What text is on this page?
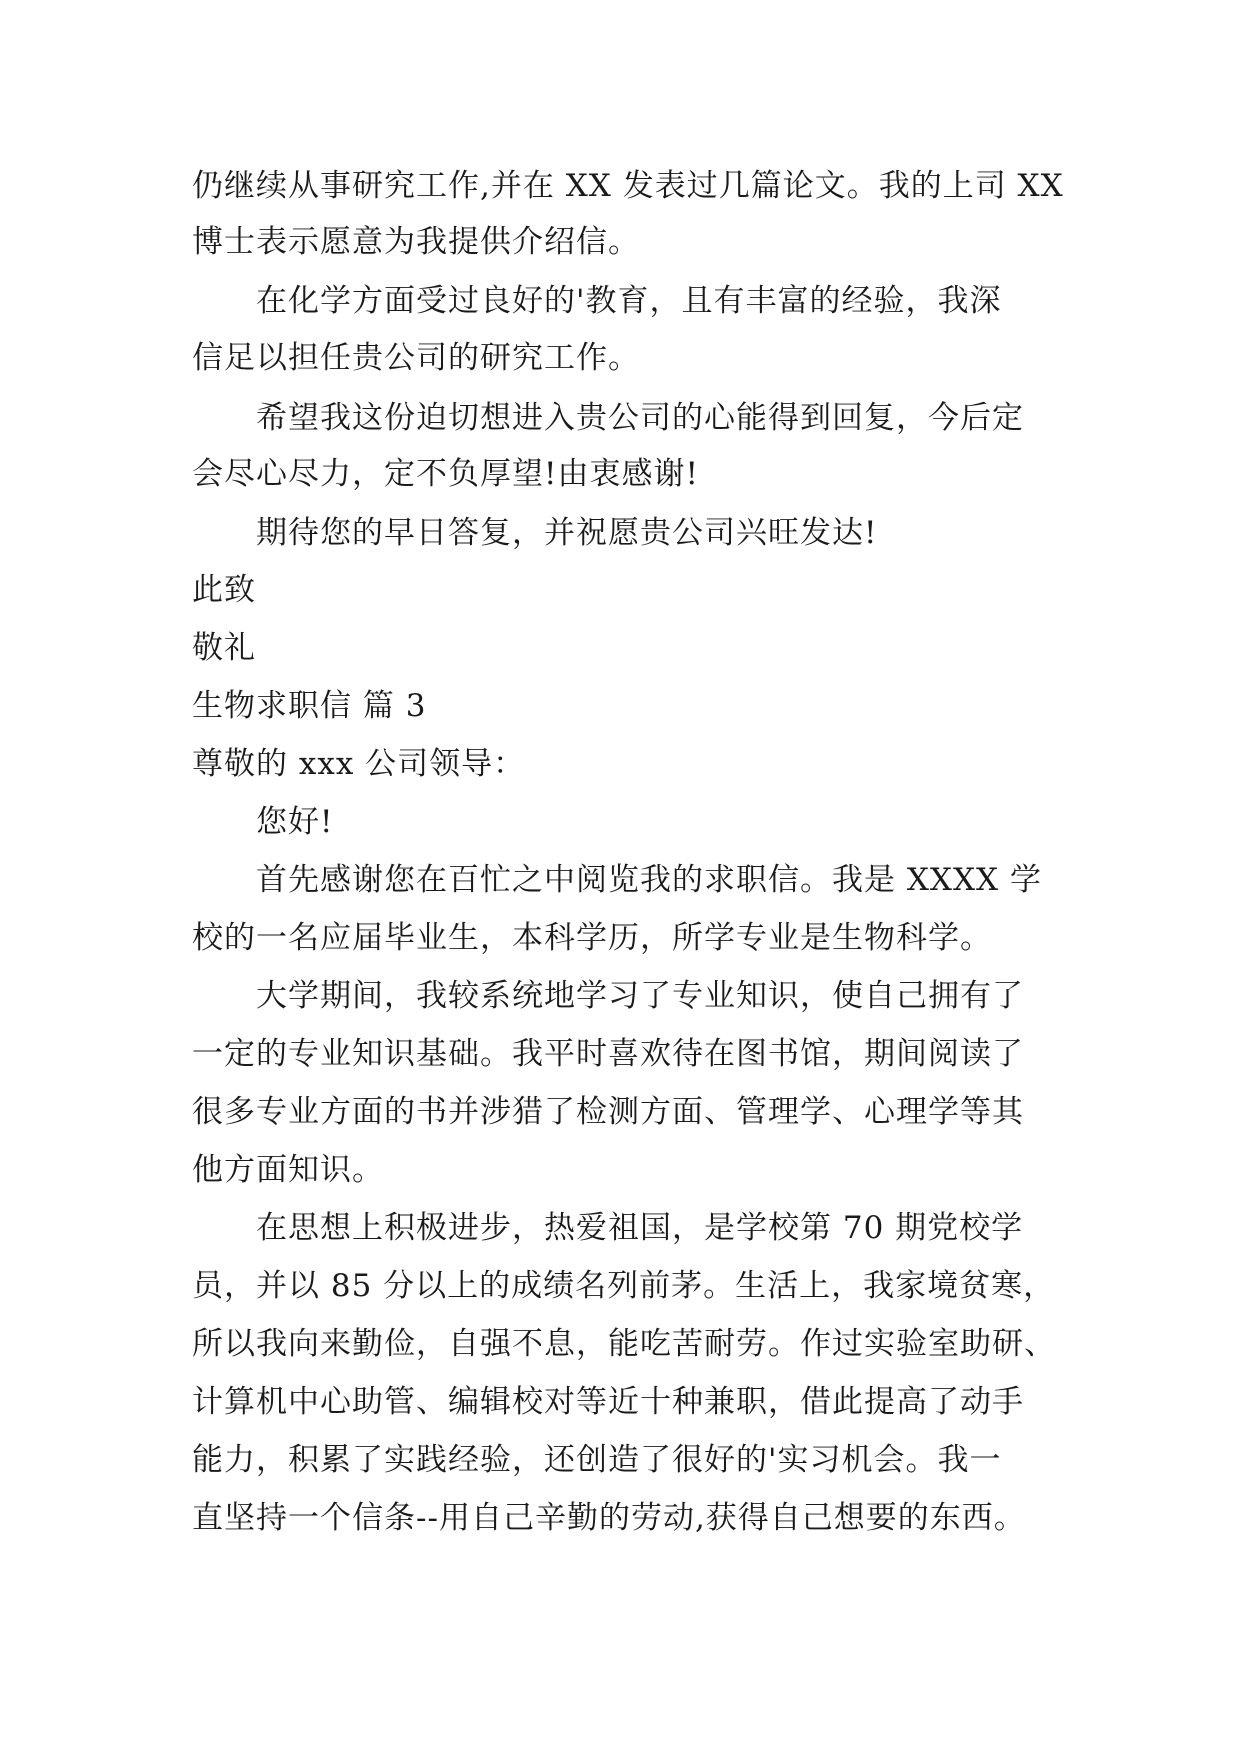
仍继续从事研究工作,并在 XX 发表过几篇论文。我的上司 XX

博士表示愿意为我提供介绍信。

在化学方面受过良好的'教育，且有丰富的经验，我深

信足以担任贵公司的研究工作。

希望我这份迫切想进入贵公司的心能得到回复，今后定

会尽心尽力，定不负厚望!由衷感谢!

期待您的早日答复，并祝愿贵公司兴旺发达!

此致

敬礼

生物求职信 篇 3

尊敬的 xxx 公司领导：

您好!

首先感谢您在百忙之中阅览我的求职信。我是 XXXX 学

校的一名应届毕业生，本科学历，所学专业是生物科学。

大学期间，我较系统地学习了专业知识，使自己拥有了

一定的专业知识基础。我平时喜欢待在图书馆，期间阅读了

很多专业方面的书并涉猎了检测方面、管理学、心理学等其

他方面知识。

在思想上积极进步，热爱祖国，是学校第 70 期党校学

员，并以 85 分以上的成绩名列前茅。生活上，我家境贫寒，

所以我向来勤俭，自强不息，能吃苦耐劳。作过实验室助研、

计算机中心助管、编辑校对等近十种兼职，借此提高了动手

能力，积累了实践经验，还创造了很好的'实习机会。我一

直坚持一个信条--用自己辛勤的劳动,获得自己想要的东西。
